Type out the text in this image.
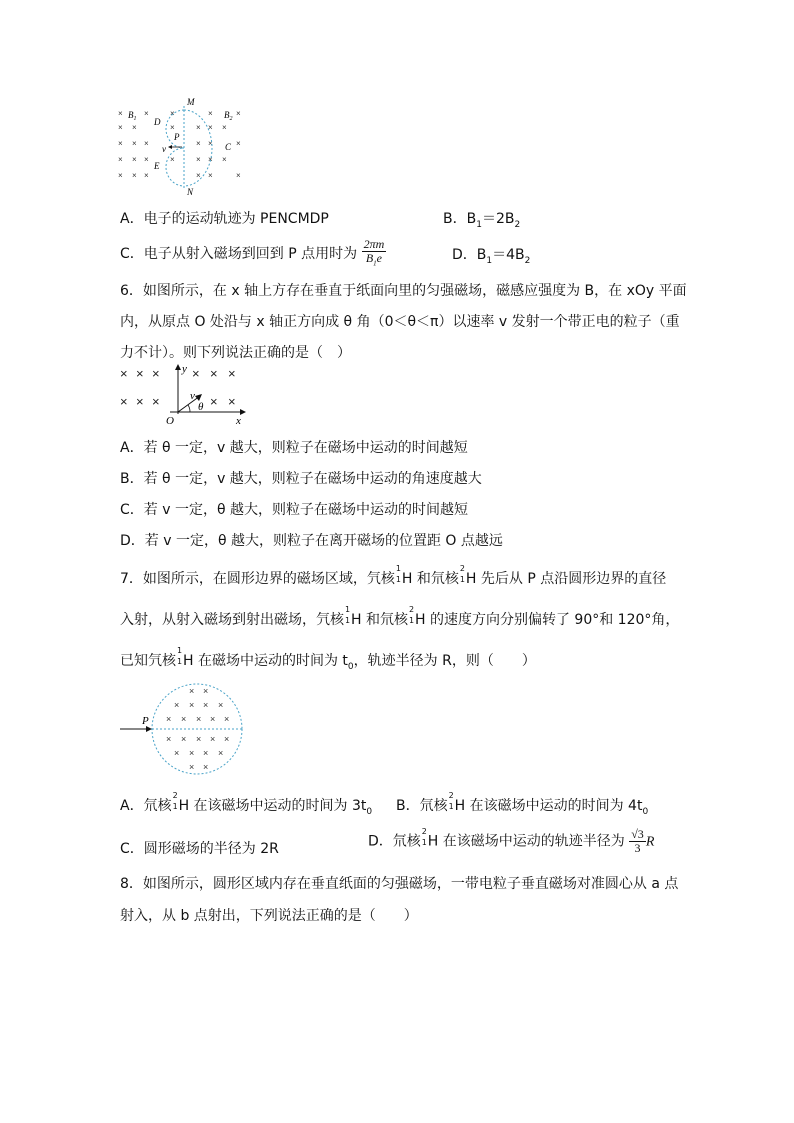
×	×	×	×	×
× ×	×	× × ×
× × ×	× ×	×
× × ×	×	× × ×
× × ×	× ×	×
M
N
D
C
P
E
v
$B_1$	$B_2$
A．电子的运动轨迹为 PENCMDP	B．$B_1=2B_2$
C．电子从射入磁场到回到 P 点用时为 $\frac{2\pi m}{B_1e}$	D．$B_1=4B_2$
6．如图所示，在 x 轴上方存在垂直于纸面向里的匀强磁场，磁感应强度为 B，在 xOy 平面
内，从原点 O 处沿与 x 轴正方向成 θ 角（0＜θ＜π）以速率 v 发射一个带正电的粒子（重
力不计）。则下列说法正确的是（　）
× × × × × ×
× × ×	× ×
y
x
O
v
θ
A．若 θ 一定，v 越大，则粒子在磁场中运动的时间越短
B．若 θ 一定，v 越大，则粒子在磁场中运动的角速度越大
C．若 v 一定，θ 越大，则粒子在磁场中运动的时间越短
D．若 v 一定，θ 越大，则粒子在离开磁场的位置距 O 点越远
7．如图所示，在圆形边界的磁场区域，氕核
1
1 H 和氘核
2
1 H 先后从 P 点沿圆形边界的直径
入射，从射入磁场到射出磁场，氕核
1
1 H 和氘核
2
1 H 的速度方向分别偏转了 90°和 120°角，
已知氕核
1
1 H 在磁场中运动的时间为 $t_0$，轨迹半径为 R，则（　　）
× ×
× × × ×
× × × × ×
× × × × ×
× × × ×
× ×
P
A．氘核
2
1 H 在该磁场中运动的时间为 $3t_0$ B．氘核
2
1 H 在该磁场中运动的时间为 $4t_0$
C．圆形磁场的半径为 2R	D．氘核
2
1 H 在该磁场中运动的轨迹半径为 $\frac{√3}{3}$ R
8．如图所示，圆形区域内存在垂直纸面的匀强磁场，一带电粒子垂直磁场对准圆心从 a 点
射入，从 b 点射出，下列说法正确的是（　　）
